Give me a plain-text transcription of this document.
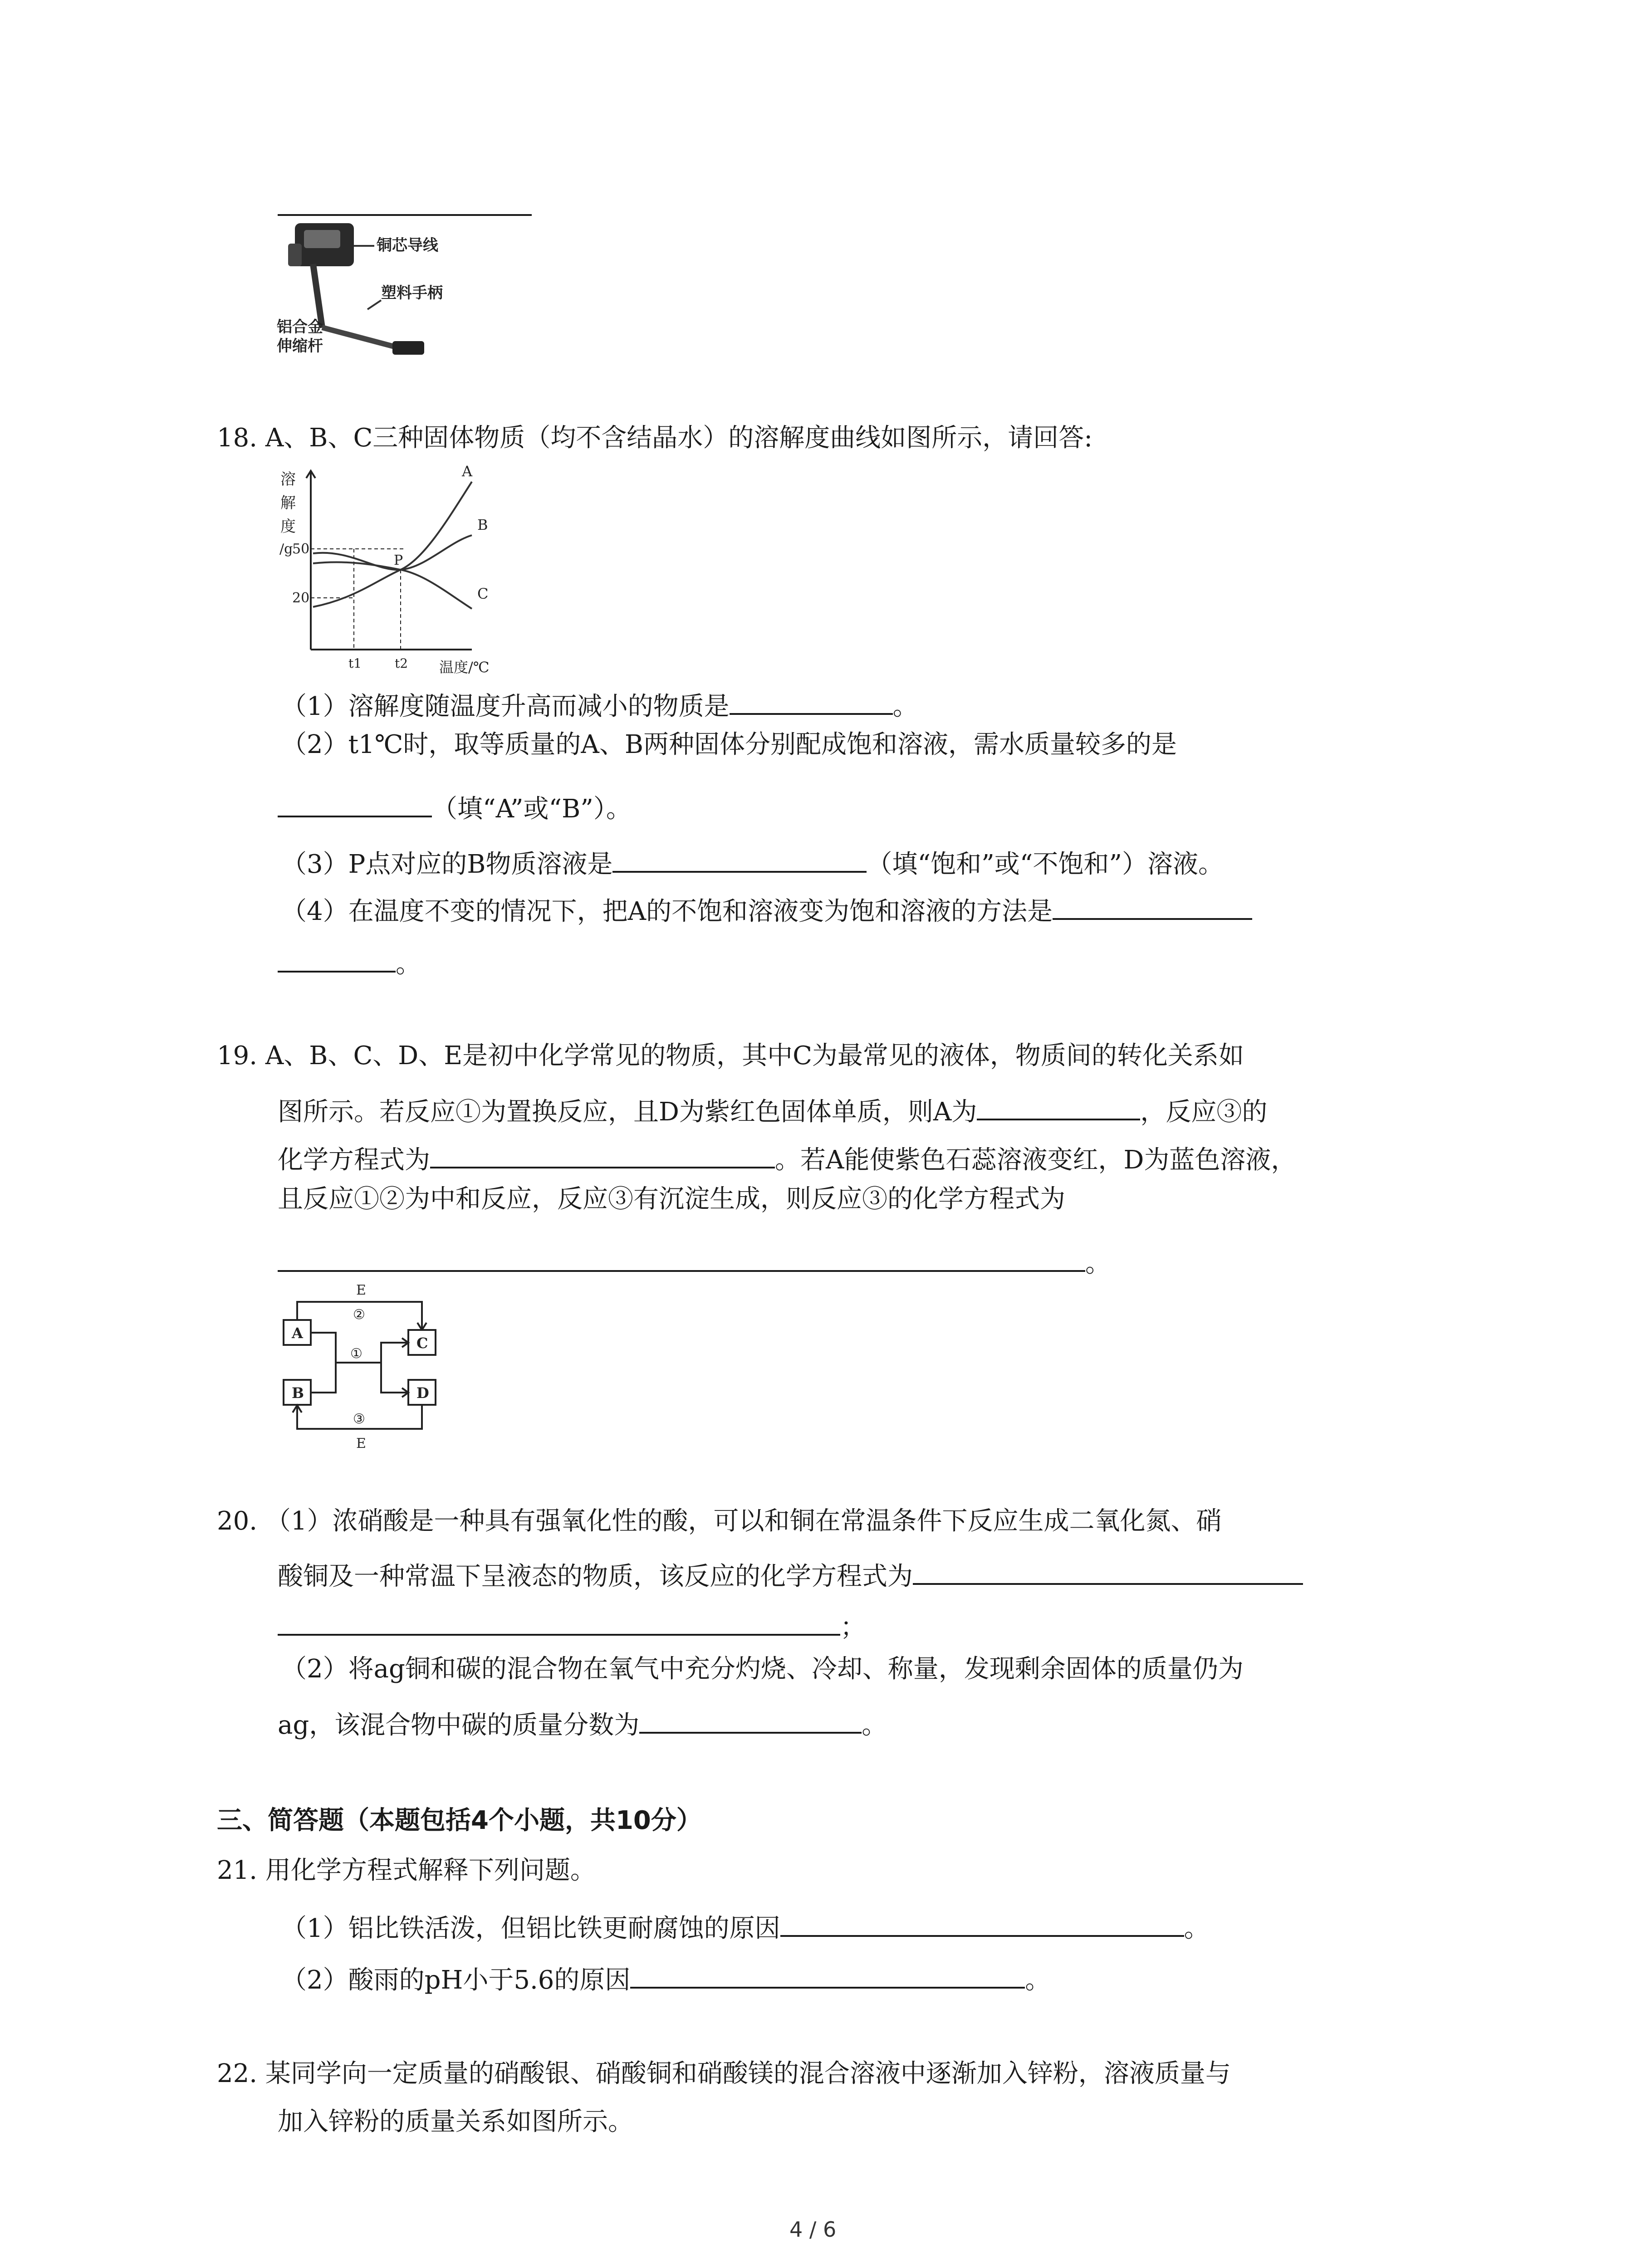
铜芯导线
塑料手柄
铝合金
伸缩杆
18. A、B、C三种固体物质（均不含结晶水）的溶解度曲线如图所示，请回答:
溶
解
度
/g
50
20
A
B
C
P
t1	t2 温度/℃
（1）溶解度随温度升高而减小的物质是	。
（2）t1℃时，取等质量的A、B两种固体分别配成饱和溶液，需水质量较多的是
（填“A”或“B”）。
（3）P点对应的B物质溶液是	（填“饱和”或“不饱和”）溶液。
（4）在温度不变的情况下，把A的不饱和溶液变为饱和溶液的方法是
。
19. A、B、C、D、E是初中化学常见的物质，其中C为最常见的液体，物质间的转化关系如
图所示。若反应①为置换反应，且D为紫红色固体单质，则A为	，反应③的
化学方程式为	。若A能使紫色石蕊溶液变红，D为蓝色溶液，
且反应①②为中和反应，反应③有沉淀生成，则反应③的化学方程式为
。
E
②
A
C
B	D
①
③
E
20. （1）浓硝酸是一种具有强氧化性的酸，可以和铜在常温条件下反应生成二氧化氮、硝
酸铜及一种常温下呈液态的物质，该反应的化学方程式为
；
（2）将ag铜和碳的混合物在氧气中充分灼烧、冷却、称量，发现剩余固体的质量仍为
ag，该混合物中碳的质量分数为	。
三、简答题（本题包括4个小题，共10分）
21. 用化学方程式解释下列问题。
（1）铝比铁活泼，但铝比铁更耐腐蚀的原因	。
（2）酸雨的pH小于5.6的原因	。
22. 某同学向一定质量的硝酸银、硝酸铜和硝酸镁的混合溶液中逐渐加入锌粉，溶液质量与
加入锌粉的质量关系如图所示。
4 / 6
